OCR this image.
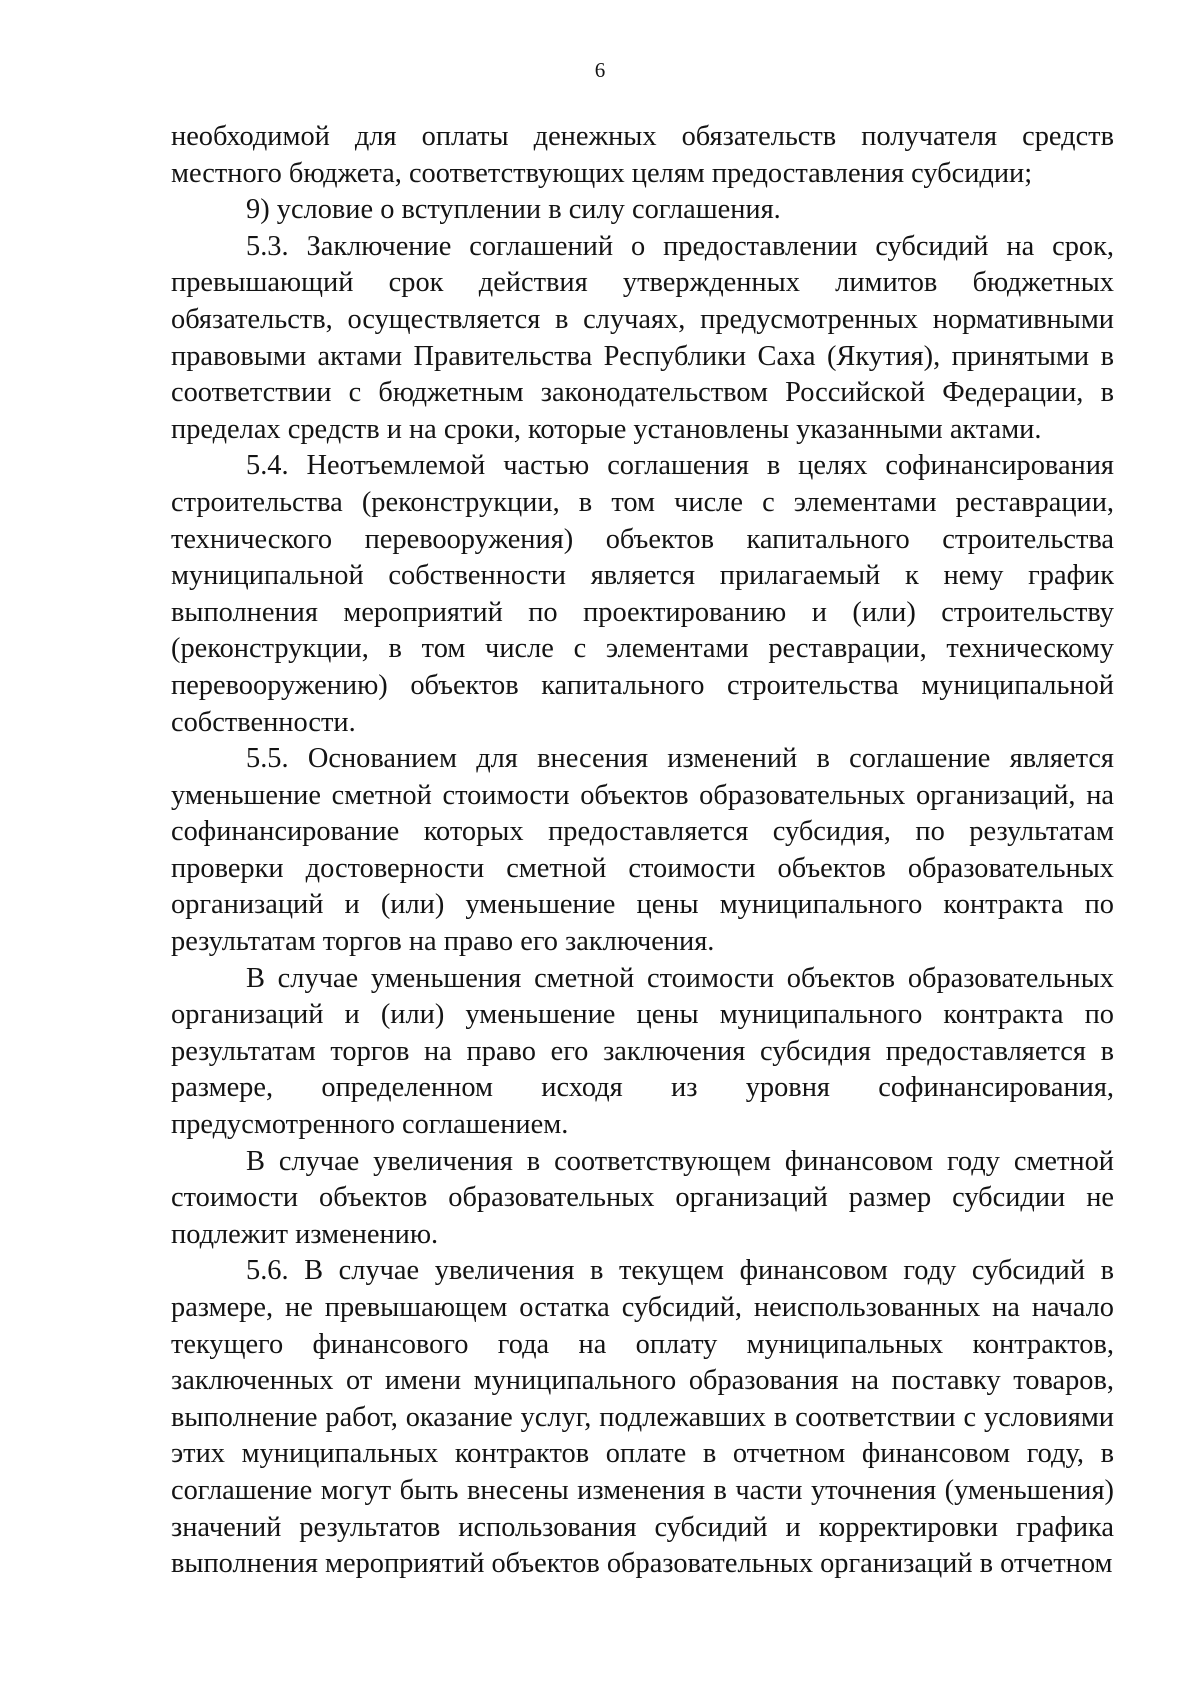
6

необходимой для оплаты денежных обязательств получателя средств местного бюджета, соответствующих целям предоставления субсидии;

9) условие о вступлении в силу соглашения.

5.3. Заключение соглашений о предоставлении субсидий на срок, превышающий срок действия утвержденных лимитов бюджетных обязательств, осуществляется в случаях, предусмотренных нормативными правовыми актами Правительства Республики Саха (Якутия), принятыми в соответствии с бюджетным законодательством Российской Федерации, в пределах средств и на сроки, которые установлены указанными актами.

5.4. Неотъемлемой частью соглашения в целях софинансирования строительства (реконструкции, в том числе с элементами реставрации, технического перевооружения) объектов капитального строительства муниципальной собственности является прилагаемый к нему график выполнения мероприятий по проектированию и (или) строительству (реконструкции, в том числе с элементами реставрации, техническому перевооружению) объектов капитального строительства муниципальной собственности.

5.5. Основанием для внесения изменений в соглашение является уменьшение сметной стоимости объектов образовательных организаций, на софинансирование которых предоставляется субсидия, по результатам проверки достоверности сметной стоимости объектов образовательных организаций и (или) уменьшение цены муниципального контракта по результатам торгов на право его заключения.

В случае уменьшения сметной стоимости объектов образовательных организаций и (или) уменьшение цены муниципального контракта по результатам торгов на право его заключения субсидия предоставляется в размере, определенном исходя из уровня софинансирования, предусмотренного соглашением.

В случае увеличения в соответствующем финансовом году сметной стоимости объектов образовательных организаций размер субсидии не подлежит изменению.

5.6. В случае увеличения в текущем финансовом году субсидий в размере, не превышающем остатка субсидий, неиспользованных на начало текущего финансового года на оплату муниципальных контрактов, заключенных от имени муниципального образования на поставку товаров, выполнение работ, оказание услуг, подлежавших в соответствии с условиями этих муниципальных контрактов оплате в отчетном финансовом году, в соглашение могут быть внесены изменения в части уточнения (уменьшения) значений результатов использования субсидий и корректировки графика выполнения мероприятий объектов образовательных организаций в отчетном
